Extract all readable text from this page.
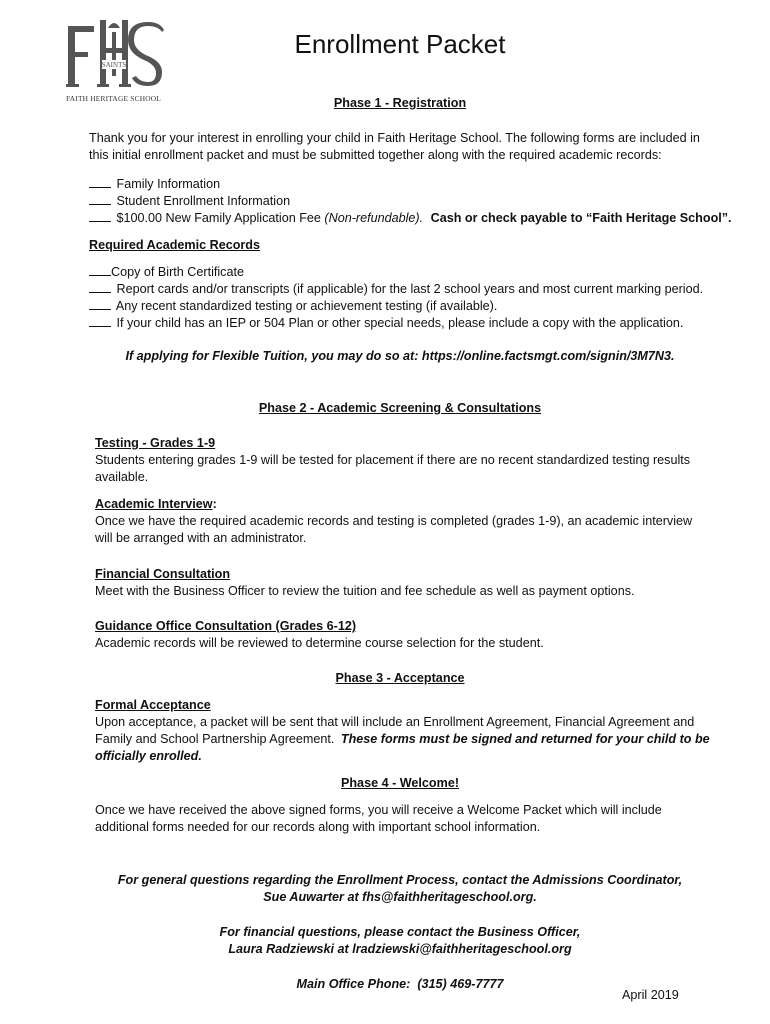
SAINTS
FAITH HERITAGE SCHOOL
Enrollment Packet
Phase 1 - Registration
Thank you for your interest in enrolling your child in Faith Heritage School. The following forms are included in
this initial enrollment packet and must be submitted together along with the required academic records:
Family Information
Student Enrollment Information
$100.00 New Family Application Fee (Non-refundable). Cash or check payable to “Faith Heritage School”.
Required Academic Records
Copy of Birth Certificate
Report cards and/or transcripts (if applicable) for the last 2 school years and most current marking period.
Any recent standardized testing or achievement testing (if available).
If your child has an IEP or 504 Plan or other special needs, please include a copy with the application.
If applying for Flexible Tuition, you may do so at: https://online.factsmgt.com/signin/3M7N3.
Phase 2 - Academic Screening & Consultations
Testing - Grades 1-9
Students entering grades 1-9 will be tested for placement if there are no recent standardized testing results
available.
Academic Interview:
Once we have the required academic records and testing is completed (grades 1-9), an academic interview
will be arranged with an administrator.
Financial Consultation
Meet with the Business Officer to review the tuition and fee schedule as well as payment options.
Guidance Office Consultation (Grades 6-12)
Academic records will be reviewed to determine course selection for the student.
Phase 3 - Acceptance
Formal Acceptance
Upon acceptance, a packet will be sent that will include an Enrollment Agreement, Financial Agreement and
Family and School Partnership Agreement. These forms must be signed and returned for your child to be
officially enrolled.
Phase 4 - Welcome!
Once we have received the above signed forms, you will receive a Welcome Packet which will include
additional forms needed for our records along with important school information.
For general questions regarding the Enrollment Process, contact the Admissions Coordinator,
Sue Auwarter at fhs@faithheritageschool.org.
For financial questions, please contact the Business Officer,
Laura Radziewski at lradziewski@faithheritageschool.org
Main Office Phone:  (315) 469-7777
April 2019
